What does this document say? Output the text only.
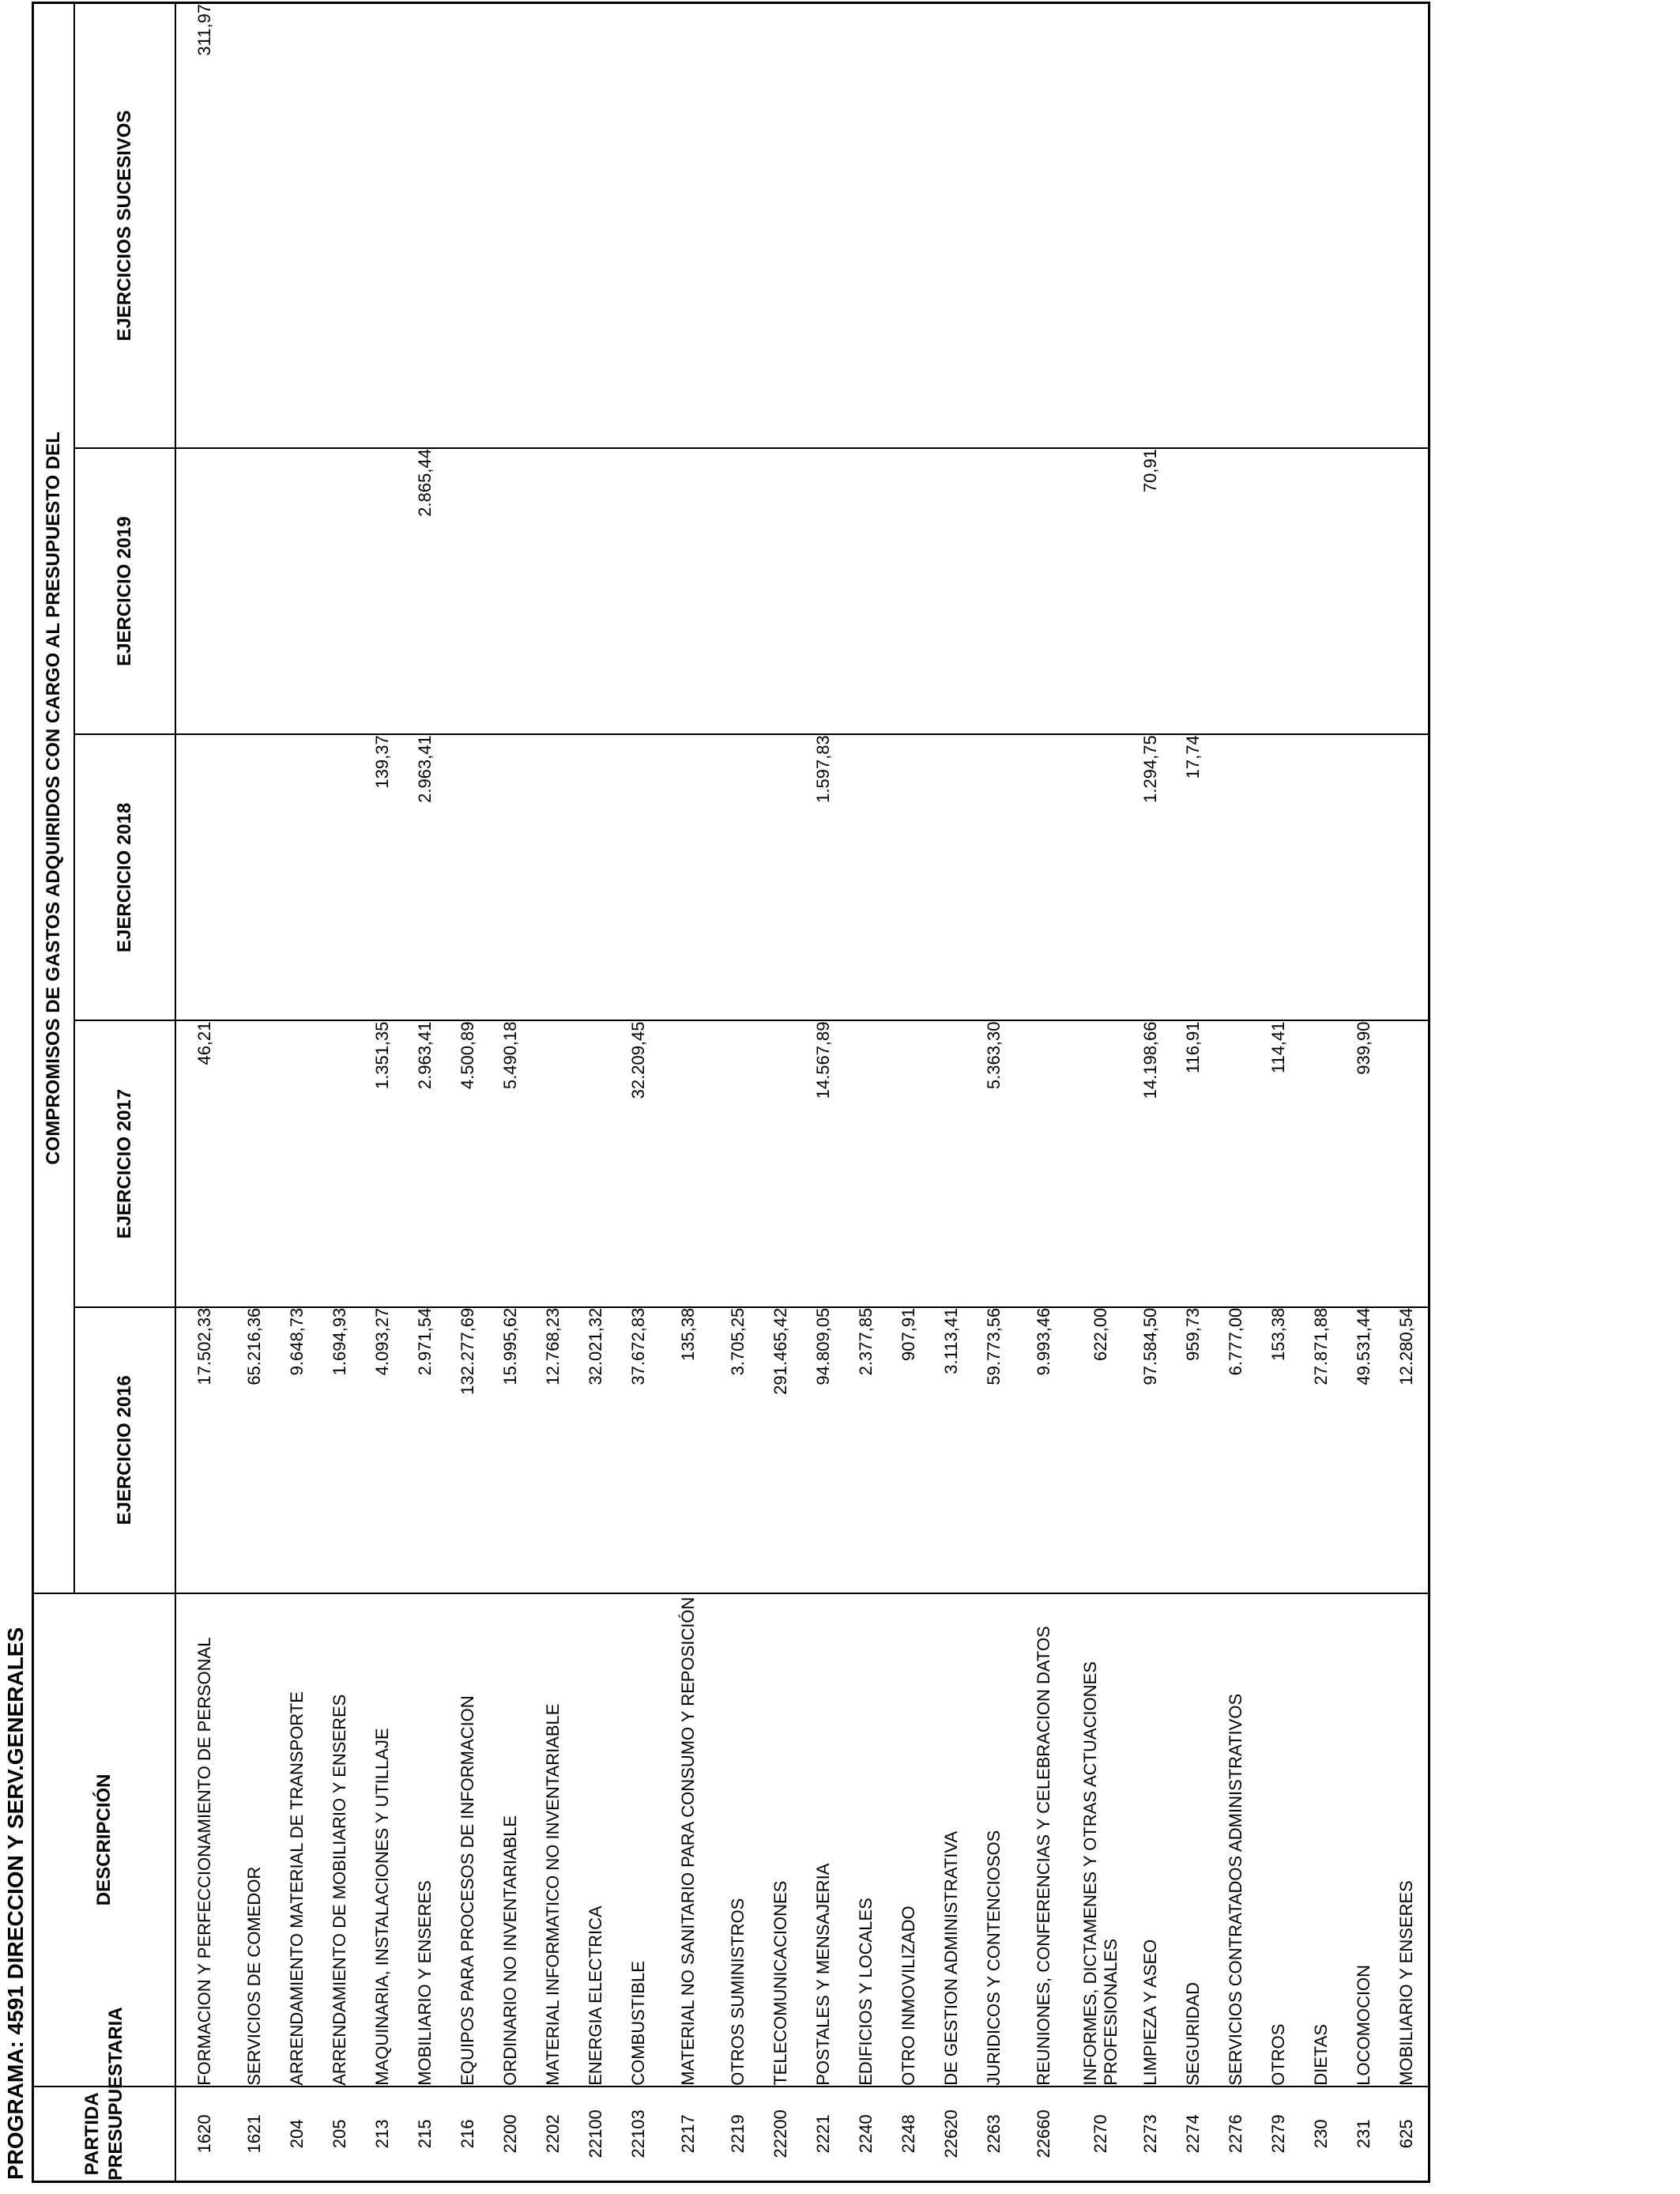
PROGRAMA: 4591 DIRECCION Y SERV.GENERALES	PARTIDA PRESUPUESTARIA	DESCRIPCIÓN	COMPROMISOS DE GASTOS ADQUIRIDOS CON CARGO AL PRESUPUESTO DEL				
		EJERCICIO 2016	EJERCICIO 2017	EJERCICIO 2018	EJERCICIO 2019	EJERCICIOS SUCESIVOS
1620	FORMACION Y PERFECCIONAMIENTO DE PERSONAL	17.502,33	46,21			311,97
1621	SERVICIOS DE COMEDOR	65.216,36				
204	ARRENDAMIENTO MATERIAL DE TRANSPORTE	9.648,73				
205	ARRENDAMIENTO DE MOBILIARIO Y ENSERES	1.694,93				
213	MAQUINARIA, INSTALACIONES Y UTILLAJE	4.093,27	1.351,35	139,37		
215	MOBILIARIO Y ENSERES	2.971,54	2.963,41	2.963,41	2.865,44	
216	EQUIPOS PARA PROCESOS DE INFORMACION	132.277,69	4.500,89			
2200	ORDINARIO NO INVENTARIABLE	15.995,62	5.490,18			
2202	MATERIAL INFORMATICO NO INVENTARIABLE	12.768,23				
22100	ENERGIA ELECTRICA	32.021,32				
22103	COMBUSTIBLE	37.672,83	32.209,45			
2217	MATERIAL NO SANITARIO PARA CONSUMO Y REPOSICIÓN	135,38				
2219	OTROS SUMINISTROS	3.705,25				
22200	TELECOMUNICACIONES	291.465,42				
2221	POSTALES Y MENSAJERIA	94.809,05	14.567,89	1.597,83		
2240	EDIFICIOS Y LOCALES	2.377,85				
2248	OTRO INMOVILIZADO	907,91				
22620	DE GESTION ADMINISTRATIVA	3.113,41				
2263	JURIDICOS Y CONTENCIOSOS	59.773,56	5.363,30			
22660	REUNIONES, CONFERENCIAS Y CELEBRACION DATOS	9.993,46				
2270	INFORMES, DICTAMENES Y OTRAS ACTUACIONES PROFESIONALES	622,00				
2273	LIMPIEZA Y ASEO	97.584,50	14.198,66	1.294,75	70,91	
2274	SEGURIDAD	959,73	116,91	17,74		
2276	SERVICIOS CONTRATADOS ADMINISTRATIVOS	6.777,00				
2279	OTROS	153,38	114,41			
230	DIETAS	27.871,88				
231	LOCOMOCION	49.531,44	939,90			
625	MOBILIARIO Y ENSERES	12.280,54				
